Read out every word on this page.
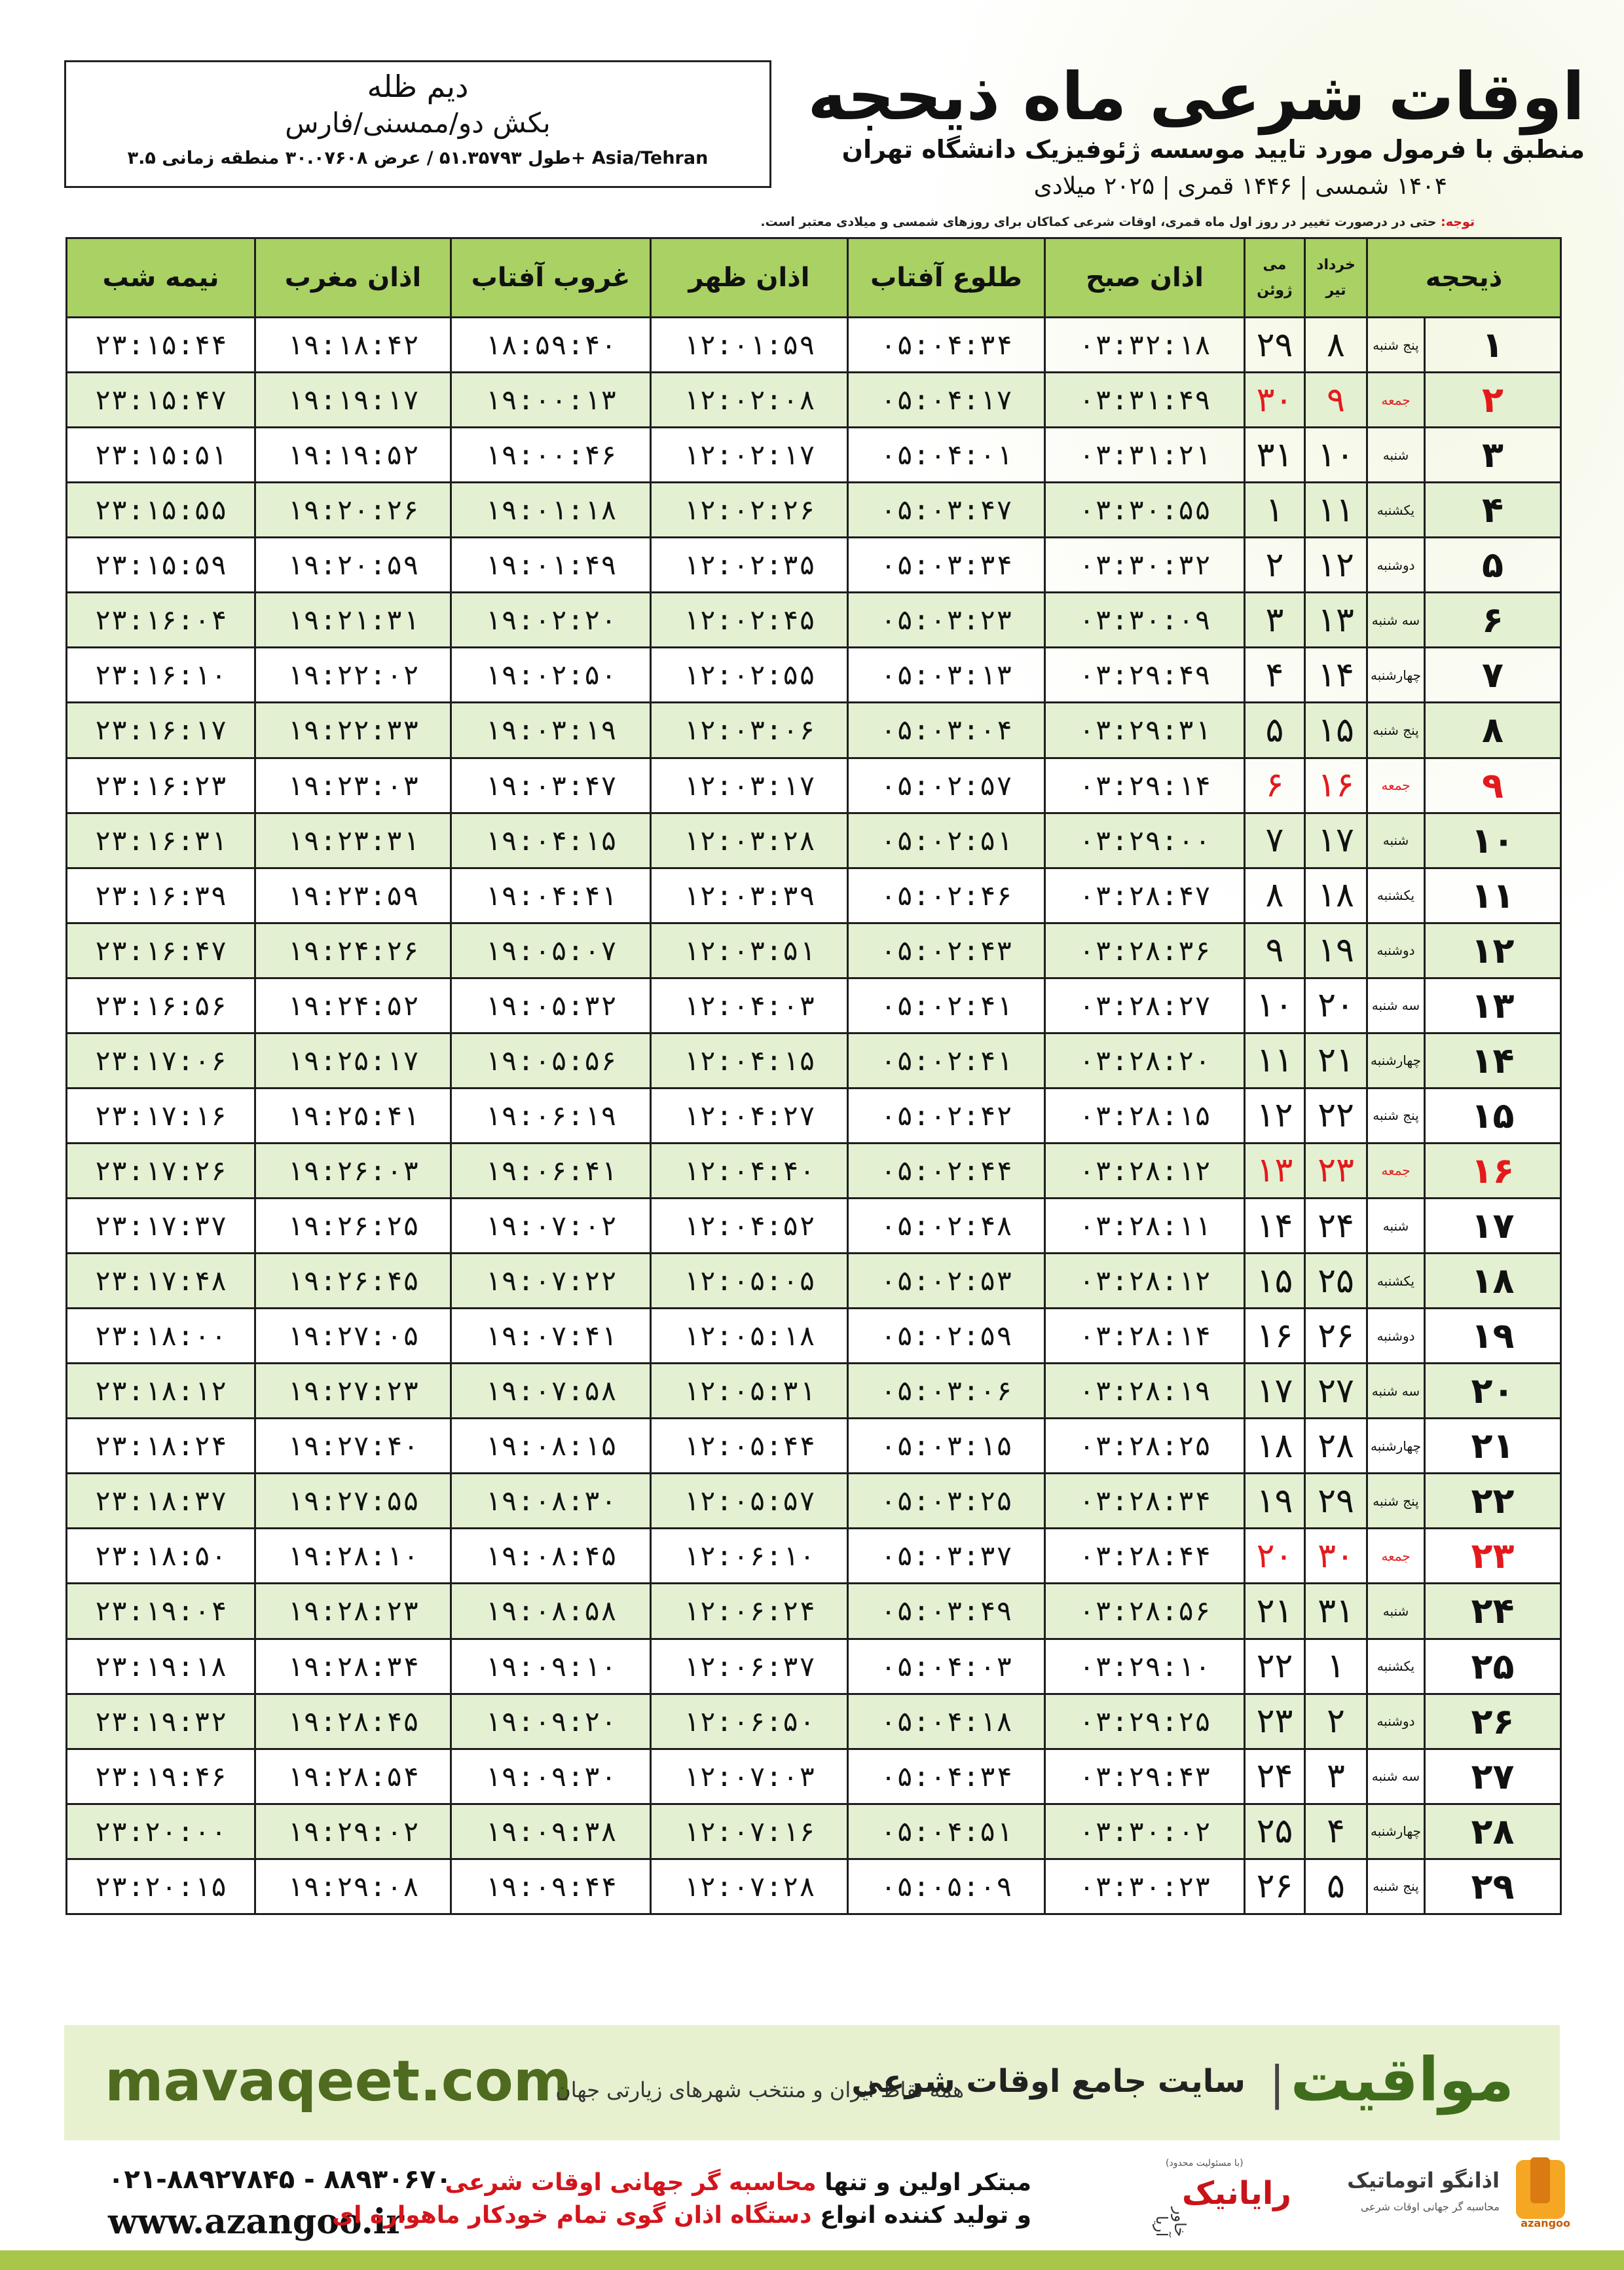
اوقات شرعی ماه ذیحجه
منطبق با فرمول مورد تایید موسسه ژئوفیزیک دانشگاه تهران
۱۴۰۴ شمسی | ۱۴۴۶ قمری | ۲۰۲۵ میلادی
دیم ظله
بکش دو/ممسنی/فارس
طول ۵۱.۳۵۷۹۳ / عرض ۳۰.۰۷۶۰۸ منطقه زمانی ۳.۵+ Asia/Tehran
توجه: حتی در درصورت تغییر در روز اول ماه قمری، اوقات شرعی کماکان برای روزهای شمسی و میلادی معتبر است.
نیمه شب	اذان مغرب	غروب آفتاب	اذان ظهر	طلوع آفتاب	اذان صبح	می
ژوئن	خرداد
تیر	ذیحجه	
۲۳:۱۵:۴۴	۱۹:۱۸:۴۲	۱۸:۵۹:۴۰	۱۲:۰۱:۵۹	۰۵:۰۴:۳۴	۰۳:۳۲:۱۸	۲۹	۸	پنج شنبه	۱
۲۳:۱۵:۴۷	۱۹:۱۹:۱۷	۱۹:۰۰:۱۳	۱۲:۰۲:۰۸	۰۵:۰۴:۱۷	۰۳:۳۱:۴۹	۳۰	۹	جمعه	۲
۲۳:۱۵:۵۱	۱۹:۱۹:۵۲	۱۹:۰۰:۴۶	۱۲:۰۲:۱۷	۰۵:۰۴:۰۱	۰۳:۳۱:۲۱	۳۱	۱۰	شنبه	۳
۲۳:۱۵:۵۵	۱۹:۲۰:۲۶	۱۹:۰۱:۱۸	۱۲:۰۲:۲۶	۰۵:۰۳:۴۷	۰۳:۳۰:۵۵	۱	۱۱	یکشنبه	۴
۲۳:۱۵:۵۹	۱۹:۲۰:۵۹	۱۹:۰۱:۴۹	۱۲:۰۲:۳۵	۰۵:۰۳:۳۴	۰۳:۳۰:۳۲	۲	۱۲	دوشنبه	۵
۲۳:۱۶:۰۴	۱۹:۲۱:۳۱	۱۹:۰۲:۲۰	۱۲:۰۲:۴۵	۰۵:۰۳:۲۳	۰۳:۳۰:۰۹	۳	۱۳	سه شنبه	۶
۲۳:۱۶:۱۰	۱۹:۲۲:۰۲	۱۹:۰۲:۵۰	۱۲:۰۲:۵۵	۰۵:۰۳:۱۳	۰۳:۲۹:۴۹	۴	۱۴	چهارشنبه	۷
۲۳:۱۶:۱۷	۱۹:۲۲:۳۳	۱۹:۰۳:۱۹	۱۲:۰۳:۰۶	۰۵:۰۳:۰۴	۰۳:۲۹:۳۱	۵	۱۵	پنج شنبه	۸
۲۳:۱۶:۲۳	۱۹:۲۳:۰۳	۱۹:۰۳:۴۷	۱۲:۰۳:۱۷	۰۵:۰۲:۵۷	۰۳:۲۹:۱۴	۶	۱۶	جمعه	۹
۲۳:۱۶:۳۱	۱۹:۲۳:۳۱	۱۹:۰۴:۱۵	۱۲:۰۳:۲۸	۰۵:۰۲:۵۱	۰۳:۲۹:۰۰	۷	۱۷	شنبه	۱۰
۲۳:۱۶:۳۹	۱۹:۲۳:۵۹	۱۹:۰۴:۴۱	۱۲:۰۳:۳۹	۰۵:۰۲:۴۶	۰۳:۲۸:۴۷	۸	۱۸	یکشنبه	۱۱
۲۳:۱۶:۴۷	۱۹:۲۴:۲۶	۱۹:۰۵:۰۷	۱۲:۰۳:۵۱	۰۵:۰۲:۴۳	۰۳:۲۸:۳۶	۹	۱۹	دوشنبه	۱۲
۲۳:۱۶:۵۶	۱۹:۲۴:۵۲	۱۹:۰۵:۳۲	۱۲:۰۴:۰۳	۰۵:۰۲:۴۱	۰۳:۲۸:۲۷	۱۰	۲۰	سه شنبه	۱۳
۲۳:۱۷:۰۶	۱۹:۲۵:۱۷	۱۹:۰۵:۵۶	۱۲:۰۴:۱۵	۰۵:۰۲:۴۱	۰۳:۲۸:۲۰	۱۱	۲۱	چهارشنبه	۱۴
۲۳:۱۷:۱۶	۱۹:۲۵:۴۱	۱۹:۰۶:۱۹	۱۲:۰۴:۲۷	۰۵:۰۲:۴۲	۰۳:۲۸:۱۵	۱۲	۲۲	پنج شنبه	۱۵
۲۳:۱۷:۲۶	۱۹:۲۶:۰۳	۱۹:۰۶:۴۱	۱۲:۰۴:۴۰	۰۵:۰۲:۴۴	۰۳:۲۸:۱۲	۱۳	۲۳	جمعه	۱۶
۲۳:۱۷:۳۷	۱۹:۲۶:۲۵	۱۹:۰۷:۰۲	۱۲:۰۴:۵۲	۰۵:۰۲:۴۸	۰۳:۲۸:۱۱	۱۴	۲۴	شنبه	۱۷
۲۳:۱۷:۴۸	۱۹:۲۶:۴۵	۱۹:۰۷:۲۲	۱۲:۰۵:۰۵	۰۵:۰۲:۵۳	۰۳:۲۸:۱۲	۱۵	۲۵	یکشنبه	۱۸
۲۳:۱۸:۰۰	۱۹:۲۷:۰۵	۱۹:۰۷:۴۱	۱۲:۰۵:۱۸	۰۵:۰۲:۵۹	۰۳:۲۸:۱۴	۱۶	۲۶	دوشنبه	۱۹
۲۳:۱۸:۱۲	۱۹:۲۷:۲۳	۱۹:۰۷:۵۸	۱۲:۰۵:۳۱	۰۵:۰۳:۰۶	۰۳:۲۸:۱۹	۱۷	۲۷	سه شنبه	۲۰
۲۳:۱۸:۲۴	۱۹:۲۷:۴۰	۱۹:۰۸:۱۵	۱۲:۰۵:۴۴	۰۵:۰۳:۱۵	۰۳:۲۸:۲۵	۱۸	۲۸	چهارشنبه	۲۱
۲۳:۱۸:۳۷	۱۹:۲۷:۵۵	۱۹:۰۸:۳۰	۱۲:۰۵:۵۷	۰۵:۰۳:۲۵	۰۳:۲۸:۳۴	۱۹	۲۹	پنج شنبه	۲۲
۲۳:۱۸:۵۰	۱۹:۲۸:۱۰	۱۹:۰۸:۴۵	۱۲:۰۶:۱۰	۰۵:۰۳:۳۷	۰۳:۲۸:۴۴	۲۰	۳۰	جمعه	۲۳
۲۳:۱۹:۰۴	۱۹:۲۸:۲۳	۱۹:۰۸:۵۸	۱۲:۰۶:۲۴	۰۵:۰۳:۴۹	۰۳:۲۸:۵۶	۲۱	۳۱	شنبه	۲۴
۲۳:۱۹:۱۸	۱۹:۲۸:۳۴	۱۹:۰۹:۱۰	۱۲:۰۶:۳۷	۰۵:۰۴:۰۳	۰۳:۲۹:۱۰	۲۲	۱	یکشنبه	۲۵
۲۳:۱۹:۳۲	۱۹:۲۸:۴۵	۱۹:۰۹:۲۰	۱۲:۰۶:۵۰	۰۵:۰۴:۱۸	۰۳:۲۹:۲۵	۲۳	۲	دوشنبه	۲۶
۲۳:۱۹:۴۶	۱۹:۲۸:۵۴	۱۹:۰۹:۳۰	۱۲:۰۷:۰۳	۰۵:۰۴:۳۴	۰۳:۲۹:۴۳	۲۴	۳	سه شنبه	۲۷
۲۳:۲۰:۰۰	۱۹:۲۹:۰۲	۱۹:۰۹:۳۸	۱۲:۰۷:۱۶	۰۵:۰۴:۵۱	۰۳:۳۰:۰۲	۲۵	۴	چهارشنبه	۲۸
۲۳:۲۰:۱۵	۱۹:۲۹:۰۸	۱۹:۰۹:۴۴	۱۲:۰۷:۲۸	۰۵:۰۵:۰۹	۰۳:۳۰:۲۳	۲۶	۵	پنج شنبه	۲۹
mavaqeet.com
همه نقاط ایران و منتخب شهرهای زیارتی جهان
سایت جامع اوقات شرعی | مواقیت
۰۲۱-۸۸۹۲۷۸۴۵ - ۸۸۹۳۰۶۷۰
www.azangoo.ir
مبتکر اولین و تنها محاسبه گر جهانی اوقات شرعی
و تولید کننده انواع دستگاه اذان گوی تمام خودکار ماهواره ای
(با مسئولیت محدود)
رایانیک
خاور آریا
اذانگو اتوماتیک
محاسبه گر جهانی اوقات شرعی
azangoo
